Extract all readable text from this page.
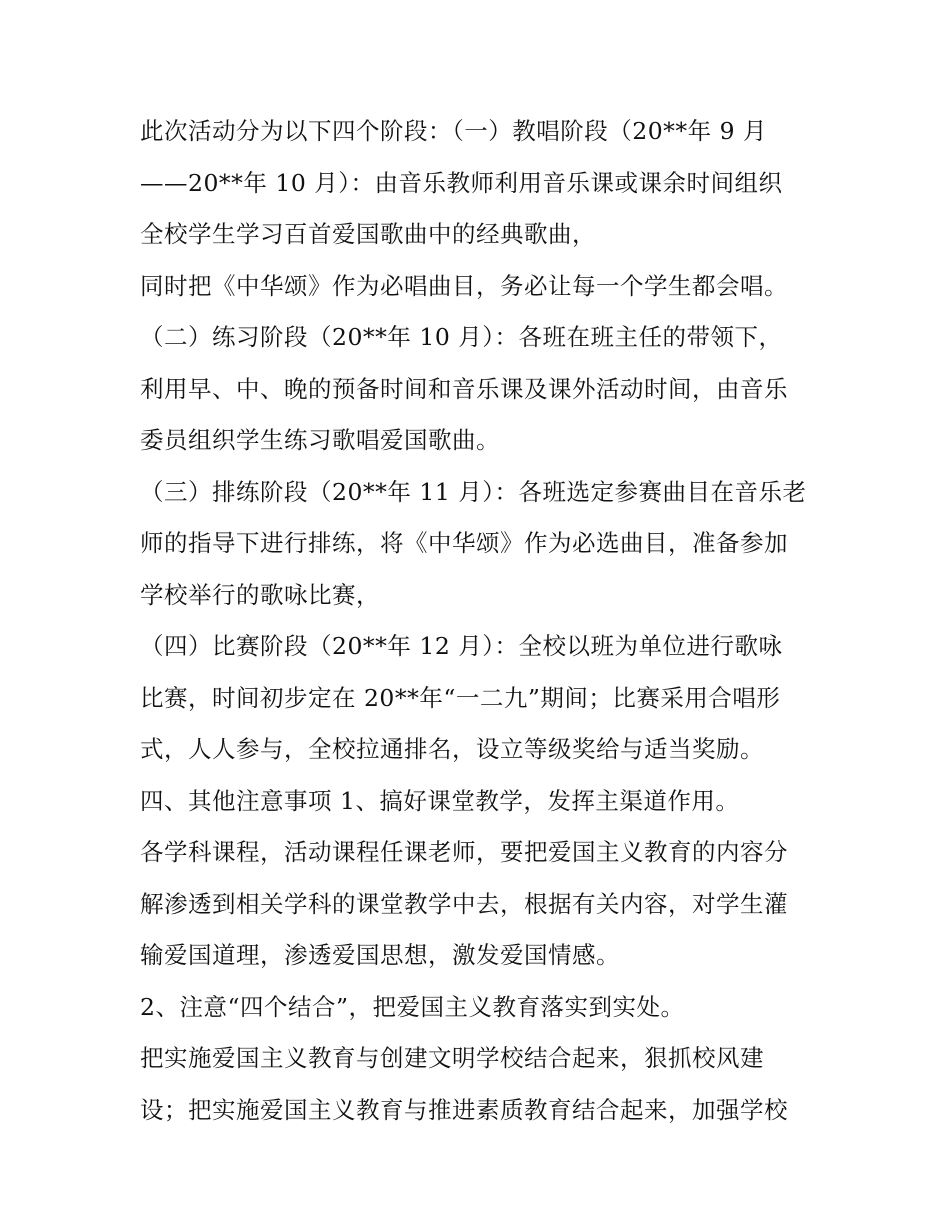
此次活动分为以下四个阶段：（一）教唱阶段（20**年 9 月
——20**年 10 月）：由音乐教师利用音乐课或课余时间组织
全校学生学习百首爱国歌曲中的经典歌曲，
同时把《中华颂》作为必唱曲目，务必让每一个学生都会唱。
（二）练习阶段（20**年 10 月）：各班在班主任的带领下，
利用早、中、晚的预备时间和音乐课及课外活动时间，由音乐
委员组织学生练习歌唱爱国歌曲。
（三）排练阶段（20**年 11 月）：各班选定参赛曲目在音乐老
师的指导下进行排练，将《中华颂》作为必选曲目，准备参加
学校举行的歌咏比赛，
（四）比赛阶段（20**年 12 月）：全校以班为单位进行歌咏
比赛，时间初步定在 20**年“一二九”期间；比赛采用合唱形
式，人人参与，全校拉通排名，设立等级奖给与适当奖励。
四、其他注意事项 1、搞好课堂教学，发挥主渠道作用。
各学科课程，活动课程任课老师，要把爱国主义教育的内容分
解渗透到相关学科的课堂教学中去，根据有关内容，对学生灌
输爱国道理，渗透爱国思想，激发爱国情感。
2、注意“四个结合”，把爱国主义教育落实到实处。
把实施爱国主义教育与创建文明学校结合起来，狠抓校风建
设；把实施爱国主义教育与推进素质教育结合起来，加强学校
